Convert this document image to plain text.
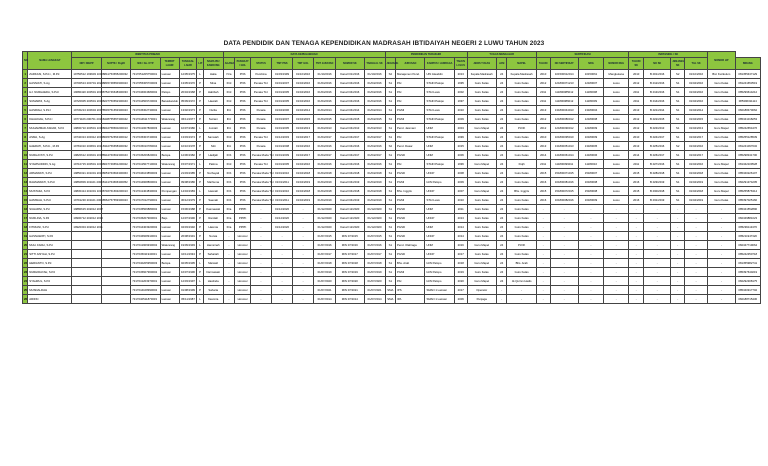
DATA PENDIDIK DAN TENAGA KEPENDIDIKAN MADRASAH IBTIDAIYAH NEGERI 2 LUWU TAHUN 2023
NO	NAMA LENGKAP	IDENTITAS PRIBADI							DATA KEPEGAWAIAN								PENDIDIKAN TERAKHIR				TUGAS MENGAJAR			SERTIFIKASI				INPASSING / SK				NOMOR HP	
		NIP / NIGPP	NUPTK / PegID	NIK / No. KTP	TEMPAT LAHIR	TANGGAL LAHIR	L/P	NAMA IBU KANDUNG	AGAMA	PANGKAT / GOL	STATUS	TMT PNS	TMT GOL	TMT JABATAN	NOMOR SK	TANGGAL SK	JENJANG	JURUSAN	KAMPUS / LEMBAGA	TAHUN LULUS	JENIS TUGAS	JAM	MAPEL	TAHUN	NO SERTIFIKAT	NRG	NOMOR REG	TAHUN SK	NO SK	JENJANG SK	TGL SK		BIDANG
1	ZARKASI, S.Pd.I., M.Pd	19750512 199903 1002	8841753655200032	7317051205750001	Lamasi	12/05/1975	L	Hatia	IV/a	PNS	Pembina	01/03/1999	01/10/2016	01/10/2016	Kanwil 01/2016	01/10/2016	S2	Manajemen Pend.	UIN Alauddin	2013	Kepala Madrasah	24	Kepala Madrasah	2010	101500612014	10150061	Mangkutana	2010	B.001/2016	S2	01/10/2016	Bid. Kurikulum	081355437129
2	HASNIATI, S.Ag	19700513 200701 2024	8845748650300023	7317055305700003	Lamasi	13/05/1970	P	Mina	III/d	PNS	Penata Tk.I	01/01/2007	01/04/2016	01/04/2016	Kanwil 04/2016	01/04/2016	S1	PAI	STAIN Palopo	1995	Guru Kelas	24	Guru Kelas	2012	121800071213	12180007	Luwu	2012	B.012/2016	S1	01/04/2016	Guru Kelas	081241653519
3	HJ. NURHAEDA, S.Pd.I	19680420 200501 2005	8752746648300033	7317046004680002	Palopo	20/04/1968	P	Habibah	III/d	PNS	Penata Tk.I	01/01/2005	01/04/2016	01/04/2016	Kanwil 04/2016	01/04/2016	S1	PAI	STAI Luwu	2002	Guru Kelas	24	Guru Kelas	2011	111800085012	11180008	Luwu	2011	B.013/2016	S1	01/04/2016	Guru Kelas	085299614212
4	SUMARNI, S.Ag	19720905 200501 2006	8237750652300043	7317044509720002	Batusitanduk	05/09/1972	P	Hawiah	III/d	PNS	Penata Tk.I	01/01/2005	01/04/2016	01/04/2016	Kanwil 04/2016	01/04/2016	S1	PAI	STAIN Palopo	1997	Guru Kelas	24	Guru Kelas	2011	111800086012	11180009	Luwu	2011	B.014/2016	S1	01/04/2016	Guru Kelas	085396311114
5	HASRIAH, S.Pd.I	19730213 200604 2007	8545751653300023	7317045302730002	Lamasi	13/02/1973	P	Nurlia	III/c	PNS	Penata	01/04/2006	01/04/2014	01/04/2014	Kanwil 04/2014	01/04/2014	S1	PGMI	STAI Luwu	2010	Guru Kelas	24	Guru Kelas	2013	131800044013	13180004	Luwu	2013	B.021/2014	S1	01/04/2014	Guru Kelas	082188470062
6	KHALIDAH, S.Pd.I	19771106 200701 2015	8438755657300042	7317044611770001	Walenrang	06/11/1977	P	Suriani	III/c	PNS	Penata	01/01/2007	01/04/2015	01/04/2015	Kanwil 04/2015	01/04/2015	S1	PGMI	STAIN Palopo	2009	Guru Kelas	24	Guru Kelas	2012	121800080012	12180008	Luwu	2012	B.022/2015	S1	01/04/2015	Guru Kelas	085341018253
7	MUHAMMAD ASDAR, S.Pd	19800710 200501 1006	8042758660200013	7317041007800003	Lamasi	10/07/1980	L	Jumiati	III/c	PNS	Penata	01/01/2005	01/04/2013	01/04/2013	Kanwil 04/2013	01/04/2013	S1	Pend. Jasmani	UNM	2004	Guru Mapel	24	PJOK	2012	121800090012	12180009	Luwu	2012	B.023/2013	S1	01/04/2013	Guru Mapel	085242654476
8	ASMA, S.Ag	19740313 200312 2003	8645752654300012	7317045303740002	Lamasi	13/03/1974	P	Samsiah	III/d	PNS	Penata Tk.I	01/12/2003	01/04/2017	01/04/2017	Kanwil 04/2017	01/04/2017	S1	PAI	STAIN Palopo	1999	Guru Kelas	24	Guru Kelas	2010	101800095010	10180009	Luwu	2010	B.024/2017	S1	01/04/2017	Guru Kelas	085255128539
9	HAERATI, S.Pd.I., M.Pd	19781010 200801 2011	8342756658300032	7317045010780004	Lamasi	10/10/1978	P	Sitti	III/c	PNS	Penata	01/01/2008	01/04/2016	01/04/2016	Kanwil 04/2016	01/04/2016	S2	Pend. Dasar	UNM	2015	Guru Kelas	24	Guru Kelas	2013	131800051013	13180005	Luwu	2013	B.025/2016	S2	01/04/2016	Guru Kelas	081241097632
10	NURHAYATI, S.Pd	19820612 200901 2008	8944760662300043	7317045206820001	Belopa	12/06/1982	P	Hadijah	III/b	PNS	Penata Muda Tk.I	01/01/2009	01/04/2017	01/04/2017	Kanwil 04/2017	01/04/2017	S1	PGSD	UNM	2006	Guru Kelas	24	Guru Kelas	2014	141800061014	14180006	Luwu	2014	B.026/2017	S1	01/04/2017	Guru Kelas	085298341700
11	SYAMSUDDIN, S.Ag	19710715 200501 1004	8047749651200022	7317041507710002	Walenrang	15/07/1971	L	Patima	III/d	PNS	Penata Tk.I	01/01/2005	01/04/2016	01/04/2016	Kanwil 04/2016	01/04/2016	S1	PAI	STAIN Palopo	1996	Guru Mapel	24	Fiqih	2011	111800099011	11180010	Luwu	2011	B.027/2016	S1	01/04/2016	Guru Mapel	081342109528
12	ARMAWATI, S.Pd	19850321 201001 2012	8653763664300063	7317046103850003	Lamasi	21/03/1985	P	Nurhayati	III/b	PNS	Penata Muda Tk.I	01/01/2010	01/04/2018	01/04/2018	Kanwil 04/2018	01/04/2018	S1	PGSD	UNCP	2008	Guru Kelas	24	Guru Kelas	2015	151800071015	15180007	Luwu	2015	B.028/2018	S1	01/04/2018	Guru Kelas	085340226107
13	RAHMAWATI, S.Pd.I	19860809 201101 2009	8141764666300052	7317044908860001	Lamasi	09/08/1986	P	Marhuma	III/b	PNS	Penata Muda Tk.I	01/01/2011	01/04/2019	01/04/2019	Kanwil 04/2019	01/04/2019	S1	PGMI	IAIN Palopo	2009	Guru Kelas	24	Guru Kelas	2016	161800081016	16180008	Luwu	2016	B.029/2019	S1	01/04/2019	Guru Kelas	082291374205
14	MUSTAFA, S.Pd	19830414 201001 1010	8746761663200013	7317041404830002	Pompengan	14/04/1983	L	Hasnah	III/b	PNS	Penata Muda Tk.I	01/01/2010	01/04/2018	01/04/2018	Kanwil 04/2018	01/04/2018	S1	Bhs. Inggris	UNCP	2007	Guru Mapel	24	Bhs. Inggris	2015	151800072015	15180008	Luwu	2015	B.030/2018	S1	01/04/2018	Guru Mapel	085255876314
15	HAMSIAH, S.Pd.I	19791230 201101 2004	8562757659300023	7317047012790001	Lamasi	30/12/1979	P	Saenab	III/b	PNS	Penata Muda Tk.I	01/01/2011	01/04/2019	01/04/2019	Kanwil 04/2019	01/04/2019	S1	PGMI	STAI Luwu	2010	Guru Kelas	24	Guru Kelas	2016	161800082016	16180009	Luwu	2016	B.031/2019	S1	01/04/2019	Guru Kelas	085397025160
16	SUHARNI, S.Pd	19880615 202012 2007		7317045506880002	Lamasi	15/06/1988	P	Kasmawati	III/a	PPPK	-	01/12/2020	-	01/12/2020	Kanwil 12/2020	01/12/2020	S1	PGSD	UNM	2011	Guru Kelas	24	Guru Kelas	-	-	-	-	-	-	-	-	-	085341552890
17	NURLINA, S.Pd	19900712 202012 2010		7317045207900001	Bajo	12/07/1990	P	Ramlah	III/a	PPPK	-	01/12/2020	-	01/12/2020	Kanwil 12/2020	01/12/2020	S1	PGSD	UNCP	2013	Guru Kelas	24	Guru Kelas	-	-	-	-	-	-	-	-	-	082349881023
18	FITRIANI, S.Pd	19920304 202012 2011		7317044403920002	Lamasi	04/03/1992	P	Hasmia	III/a	PPPK	-	01/12/2020	-	01/12/2020	Kanwil 12/2020	01/12/2020	S1	PGSD	UNM	2014	Guru Kelas	24	Guru Kelas	-	-	-	-	-	-	-	-	-	085299113476
19	HASNAWATI, S.Pd			7317046608910001	Lamasi	26/08/1991	P	Nursia	-	Honorer	-	-	-	01/07/2015	MIN 07/2015	01/07/2015	S1	PGSD	UNCP	2014	Guru Kelas	24	Guru Kelas	-	-	-	-	-	-	-	-	-	085211947320
20	MUH. FADLI, S.Pd			7317041909930002	Walenrang	19/09/1993	L	Hamsinah	-	Honorer	-	-	-	01/07/2016	MIN 07/2016	01/07/2016	S1	Pend. Olahraga	UNM	2016	Guru Mapel	24	PJOK	-	-	-	-	-	-	-	-	-	082347719064
21	SITTI AISYAH, S.Pd			7317045011940001	Lamasi	10/11/1994	P	Sahariah	-	Honorer	-	-	-	01/07/2017	MIN 07/2017	01/07/2017	S1	PGSD	UNCP	2017	Guru Kelas	24	Guru Kelas	-	-	-	-	-	-	-	-	-	085242350718
22	HERIANTO, S.Pd			7317040205950003	Belopa	02/05/1995	L	Marwah	-	Honorer	-	-	-	01/07/2018	MIN 07/2018	01/07/2018	S1	Bhs. Arab	IAIN Palopo	2018	Guru Mapel	24	Bhs. Arab	-	-	-	-	-	-	-	-	-	081355982741
23	NURHIDAYAH, S.Pd			7317045607960002	Lamasi	16/07/1996	P	Darmawati	-	Honorer	-	-	-	01/07/2019	MIN 07/2019	01/07/2019	S1	PGMI	IAIN Palopo	2019	Guru Kelas	24	Guru Kelas	-	-	-	-	-	-	-	-	-	085397640219
24	SYAHRUL, S.Pd			7317041203970001	Lamasi	12/03/1997	L	Haslinda	-	Honorer	-	-	-	01/07/2020	MIN 07/2020	01/07/2020	S1	PAI	IAIN Palopo	2020	Guru Mapel	24	Al-Qur'an Hadis	-	-	-	-	-	-	-	-	-	082292308175
25	MUSDALIFAH			7317044108990002	Lamasi	01/08/1999	P	Saharia	-	Honorer	-	-	-	01/07/2021	MIN 07/2021	01/07/2021	SMA	IPS	SMAN 1 Lamasi	2017	Operator	-	-	-	-	-	-	-	-	-	-	-	085340917702
26	ARIFIN			7317040511870003	Lamasi	05/11/1987	L	Kasmira	-	Honorer	-	-	-	01/07/2014	MIN 07/2014	01/07/2014	SMA	IPA	SMAN 1 Lamasi	2006	Penjaga	-	-	-	-	-	-	-	-	-	-	-	082188715430
